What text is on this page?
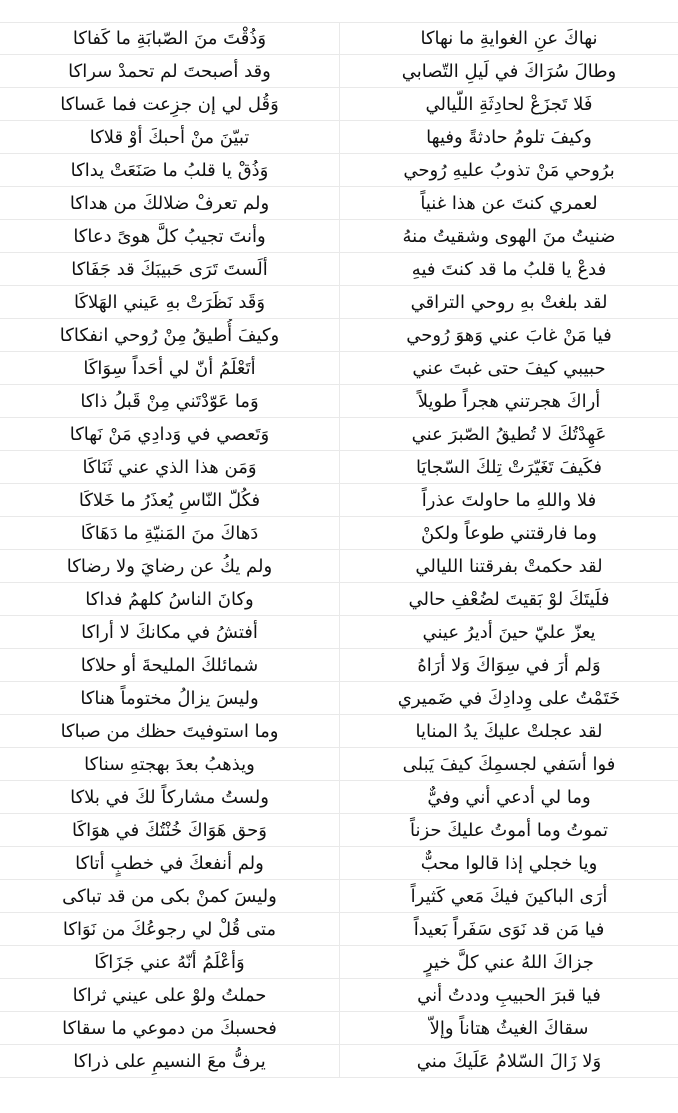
نهاكَ عنِ الغوايةِ ما نهاكا
وَذُقْتَ منَ الصّبابَةِ ما كَفاكا
وطالَ سُرَاكَ في لَيلِ التّصابي
وقد أصبحتَ لم تحمدْ سراكا
فَلا تَجزَعْ لحادِثَةِ اللّيالي
وَقُل لي إن جزِعت فما عَساكا
وكيفَ تلومُ حادثةً وفيها
تبيّنَ منْ أحبكَ أوْ قلاكا
برُوحي مَنْ تذوبُ عليهِ رُوحي
وَذُقْ يا قلبُ ما صَنَعَتْ يداكا
لعمري كنتَ عن هذا غنياً
ولم تعرفْ ضلالكَ من هداكا
ضنيتُ منَ الهوى وشقيتُ منهُ
وأنتَ تجيبُ كلَّ هوىً دعاكا
فدعْ يا قلبُ ما قد كنتَ فيهِ
ألَستَ تَرَى حَبيبَكَ قد جَفَاكا
لقد بلغتْ بهِ روحي التراقي
وَقَد نَظَرَتْ بهِ عَيني الهَلاكَا
فيا مَنْ غابَ عني وَهوَ رُوحي
وكيفَ أُطيقُ مِنْ رُوحي انفكاكا
حبيبي كيفَ حتى غبتَ عني
أتَعْلَمُ أنّ لي أحَداً سِوَاكَا
أراكَ هجرتني هجراً طويلاً
وَما عَوّدْتَني مِنْ قَبلُ ذاكا
عَهِدْتُكَ لا تُطيقُ الصّبرَ عني
وَتَعصي في وَدادِي مَنْ نَهاكا
فكَيفَ تَغَيّرَتْ تِلكَ السّجايَا
وَمَن هذا الذي عني ثَنَاكَا
فلا واللهِ ما حاولتَ عذراً
فكُلّ النّاسِ يُعذَرُ ما خَلاكَا
وما فارقتني طوعاً ولكنْ
دَهاكَ منَ المَنيّةِ ما دَهَاكَا
لقد حكمتْ بفرقتنا الليالي
ولم يكُ عن رضايَ ولا رضاكا
فلَيتَكَ لوْ بَقيتَ لضُعْفِ حالي
وكانَ الناسُ كلهمُ فداكا
يعزّ عليّ حينَ أديرُ عيني
أفتشُ في مكانكَ لا أراكا
وَلم أرَ في سِوَاكَ وَلا أرَاهُ
شمائلكَ المليحةَ أو حلاكا
خَتَمْتُ على وِدادِكَ في ضَميري
وليسَ يزالُ مختوماً هناكا
لقد عجلتْ عليكَ يدُ المنايا
وما استوفيتَ حظك من صباكا
فوا أسَفي لجسمِكَ كيفَ يَبلى
ويذهبُ بعدَ بهجتهِ سناكا
وما لي أدعي أني وفيٌّ
ولستُ مشاركاً لكَ في بلاكا
تموتُ وما أموتُ عليكَ حزناً
وَحق هَوَاكَ خُنْتُكَ في هوَاكَا
ويا خجلي إذا قالوا محبٌّ
ولم أنفعكَ في خطبٍ أتاكا
أرَى الباكينَ فيكَ مَعي كَثيراً
وليسَ كمنْ بكى من قد تباكى
فيا مَن قد نَوَى سَفَراً بَعيداً
متى قُلْ لي رجوعُكَ من نَوَاكا
جزاكَ اللهُ عني كلَّ خيرٍ
وَأعْلَمُ أنّهُ عني جَزَاكَا
فيا قبرَ الحبيبِ وددتُ أني
حملتُ ولوْ على عيني ثراكا
سقاكَ الغيثُ هتاناً وإلاّ
فحسبكَ من دموعي ما سقاكا
وَلا زَالَ السّلامُ عَلَيكَ مني
يرفُّ معَ النسيمِ على ذراكا
